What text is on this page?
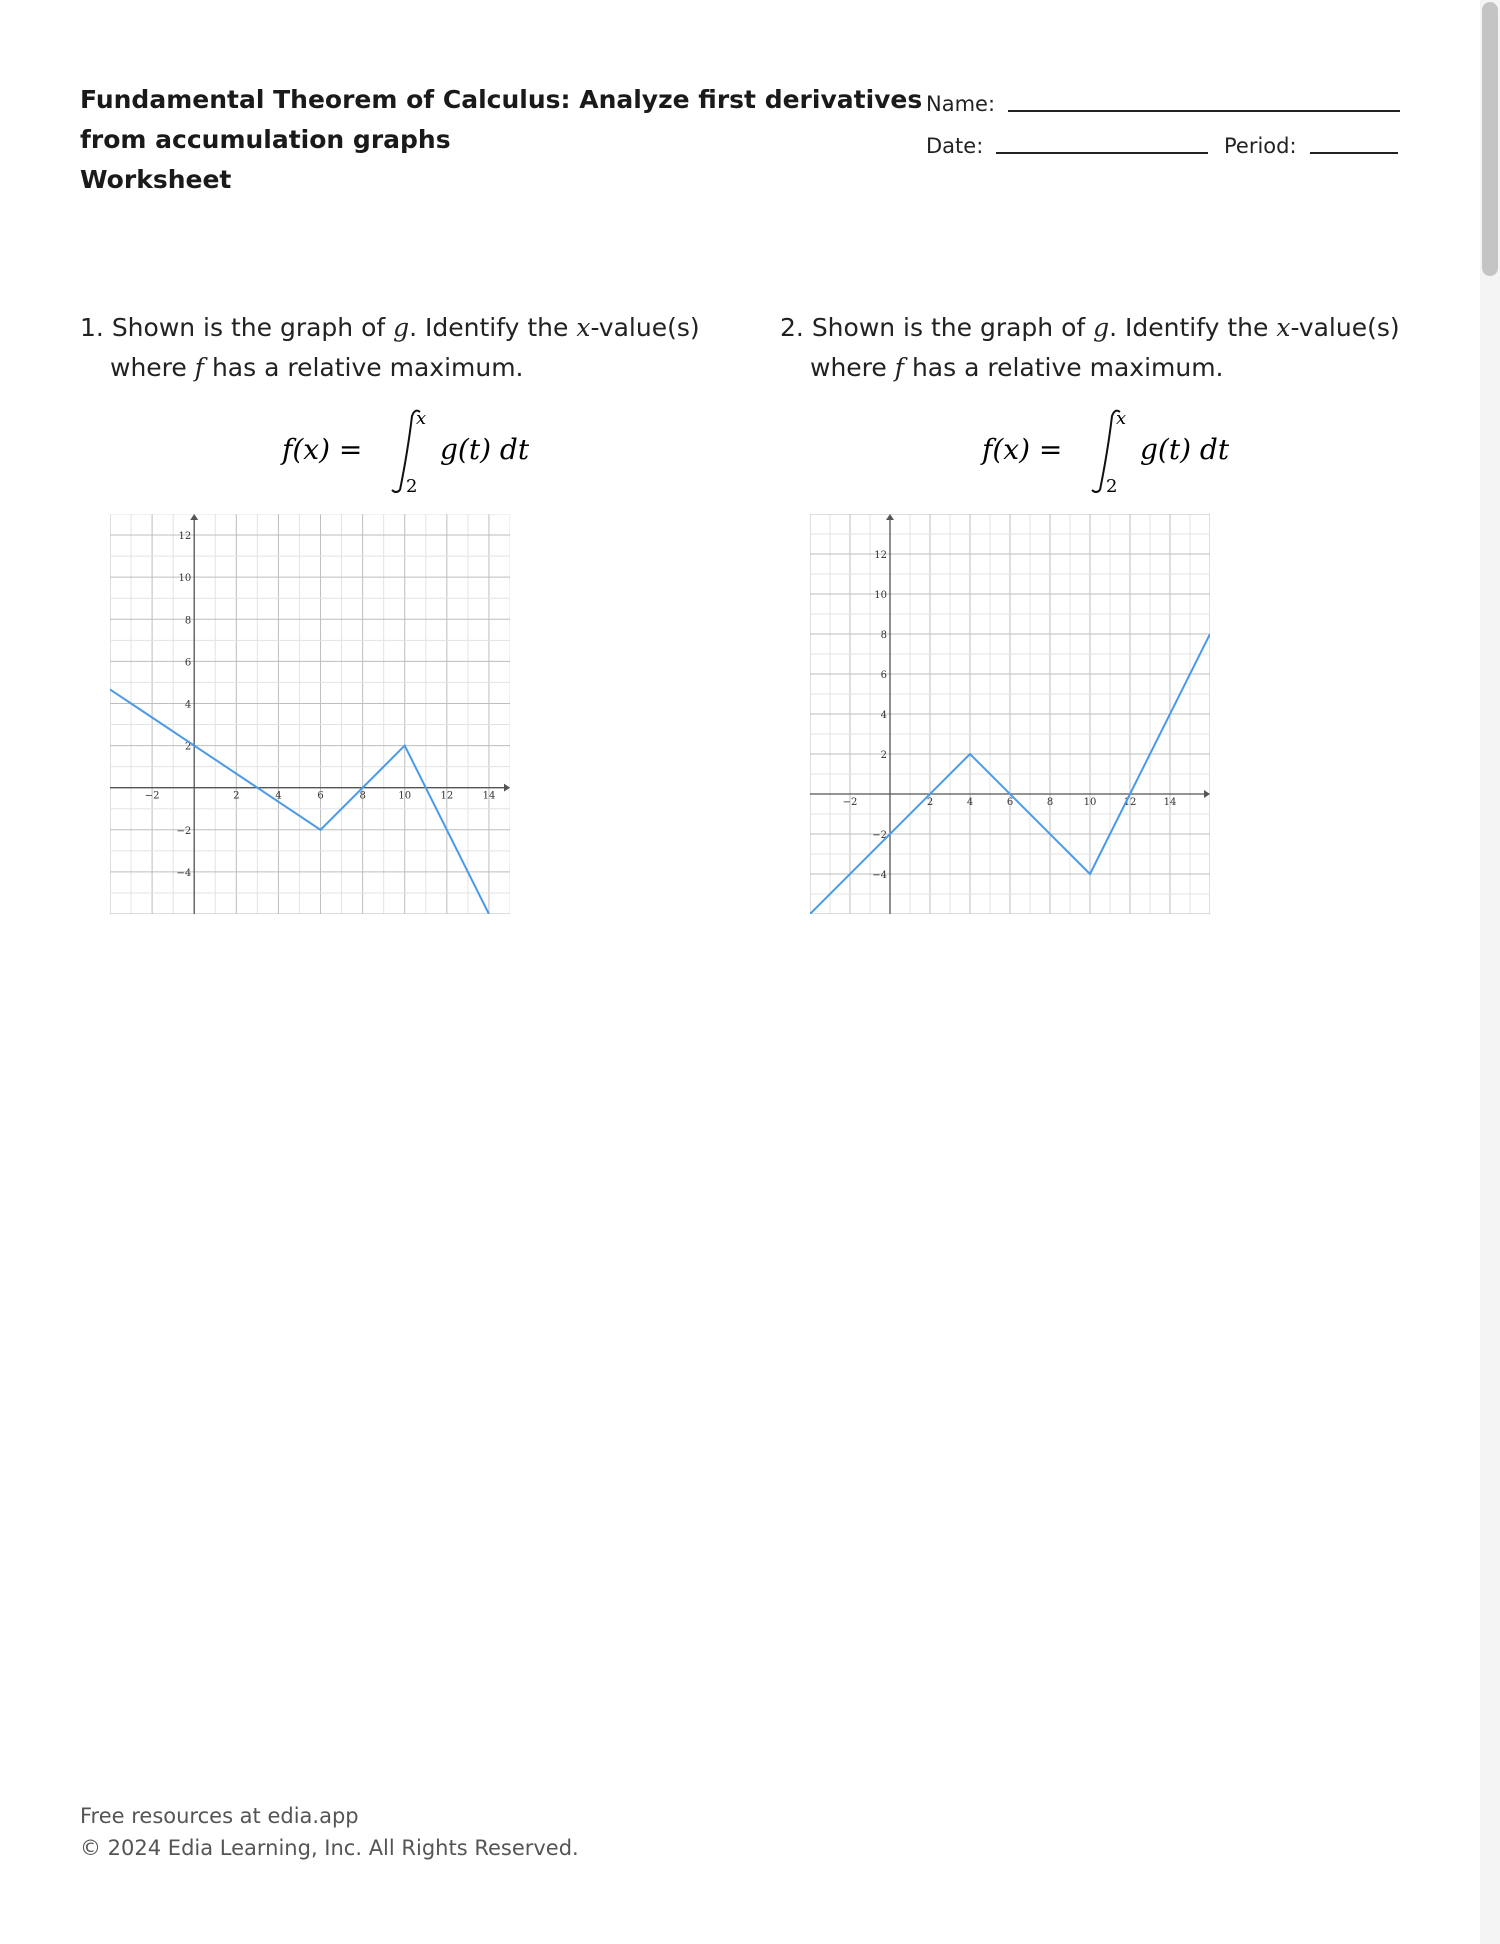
Fundamental Theorem of Calculus: Analyze first derivatives
from accumulation graphs
Worksheet
Name:
Date:	Period:
1. Shown is the graph of g. Identify the x-value(s)
where f has a relative maximum.
f(x) =
x
2
g(t) dt
−2	2	4	6	8	10	12	14
12
10
8
6
4
2
−2
−4
2. Shown is the graph of g. Identify the x-value(s)
where f has a relative maximum.
f(x) =
x
2
g(t) dt
−2	2	4	6	8	10	12	14
12
10
8
6
4
2
−2
−4
Free resources at edia.app
© 2024 Edia Learning, Inc. All Rights Reserved.
